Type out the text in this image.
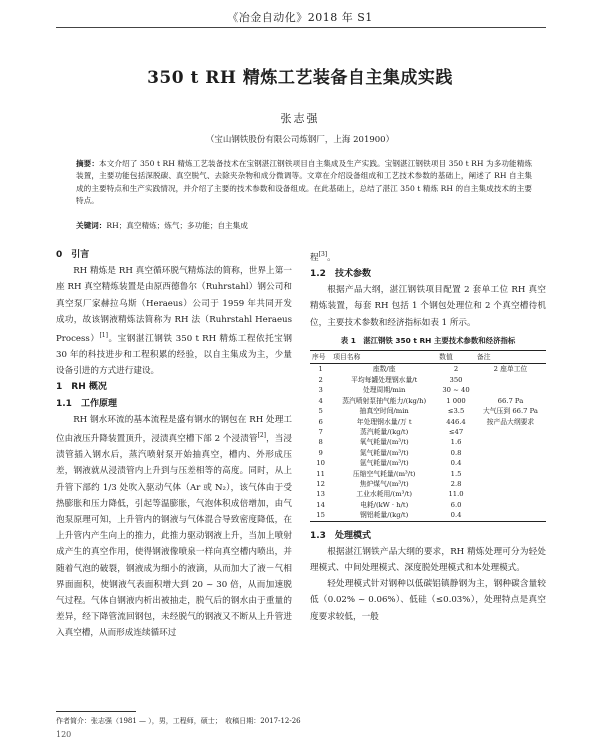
《冶金自动化》2018 年 S1
350 t RH 精炼工艺装备自主集成实践
张志强
（宝山钢铁股份有限公司炼钢厂，上海 201900）
摘要：本文介绍了 350 t RH 精炼工艺装备技术在宝钢湛江钢铁项目自主集成及生产实践。宝钢湛江钢铁项目 350 t RH 为多功能精炼装置，主要功能包括深脱碳、真空脱气、去除夹杂物和成分微调等。文章在介绍设备组成和工艺技术参数的基础上，阐述了 RH 自主集成的主要特点和生产实践情况，并介绍了主要的技术参数和设备组成。在此基础上，总结了湛江 350 t 精炼 RH 的自主集成技术的主要特点。
关键词：RH；真空精炼；炼气；多功能；自主集成

0　引言

RH 精炼是 RH 真空循环脱气精炼法的简称，世界上第一座 RH 真空精炼装置是由原西德鲁尔（Ruhrstahl）钢公司和真空泵厂家赫拉乌斯（Heraeus）公司于 1959 年共同开发成功，故该钢液精炼法简称为 RH 法（Ruhrstahl Heraeus Process）[1]。宝钢湛江钢铁 350 t RH 精炼工程依托宝钢 30 年的科技进步和工程积累的经验，以自主集成为主，少量设备引进的方式进行建设。

1　RH 概况

1.1　工作原理

RH 钢水环流的基本流程是盛有钢水的钢包在 RH 处理工位由液压升降装置顶升，浸渍真空槽下部 2 个浸渍管[2]，当浸渍管插入钢水后，蒸汽喷射泵开始抽真空，槽内、外形成压差，钢液就从浸渍管内上升到与压差相等的高度。同时，从上升管下部约 1/3 处吹入驱动气体（Ar 或 N₂），该气体由于受热膨胀和压力降低，引起等温膨胀，气泡体积成倍增加，由气泡泵原理可知，上升管内的钢液与气体混合导致密度降低，在上升管内产生向上的推力，此推力驱动钢液上升，当加上喷射成产生的真空作用，使得钢液像喷泉一样向真空槽内喷出，并随着气泡的破裂，钢液成为细小的液滴，从而加大了液－气相界面面积，使钢液气表面积增大到 20 ~ 30 倍，从而加速脱气过程。气体自钢液内析出被抽走，脱气后的钢水由于重量的差异，经下降管流回钢包，未经脱气的钢液又不断从上升管进入真空槽，从而形成连续循环过

程[3]。

1.2　技术参数

根据产品大纲，湛江钢铁项目配置 2 套单工位 RH 真空精炼装置，每套 RH 包括 1 个钢包处理位和 2 个真空槽待机位，主要技术参数和经济指标如表 1 所示。

表 1　湛江钢铁 350 t RH 主要技术参数和经济指标

序号	项目名称	数值	备注
1	座数/座	2	2 座单工位
2	平均每罐处理钢水量/t	350	
3	处理周期/min	30 ~ 40	
4	蒸汽喷射泵抽气能力/(kg/h)	1 000	66.7 Pa
5	抽真空时间/min	≤3.5	大气压到 66.7 Pa
6	年处理钢水量/万 t	446.4	按产品大纲要求
7	蒸汽耗量/(kg/t)	≤47	
8	氧气耗量/(m³/t)	1.6	
9	氮气耗量/(m³/t)	0.8	
10	氩气耗量/(m³/t)	0.4	
11	压缩空气耗量/(m³/t)	1.5	
12	焦炉煤气/(m³/t)	2.8	
13	工业水耗用/(m³/t)	11.0	
14	电耗/(kW · h/t)	6.0	
15	钢铝耗量/(kg/t)	0.4	

1.3　处理模式

根据湛江钢铁产品大纲的要求，RH 精炼处理可分为轻处理模式、中间处理模式、深度脱处理模式和本处理模式。

轻处理模式针对钢种以低碳铝镇静钢为主，钢种碳含量较低（0.02% ~ 0.06%）、低硅（≤0.03%），处理特点是真空度要求较低，一般

作者简介：张志强（1981 — ），男，工程师，硕士；　收稿日期：2017-12-26
120
